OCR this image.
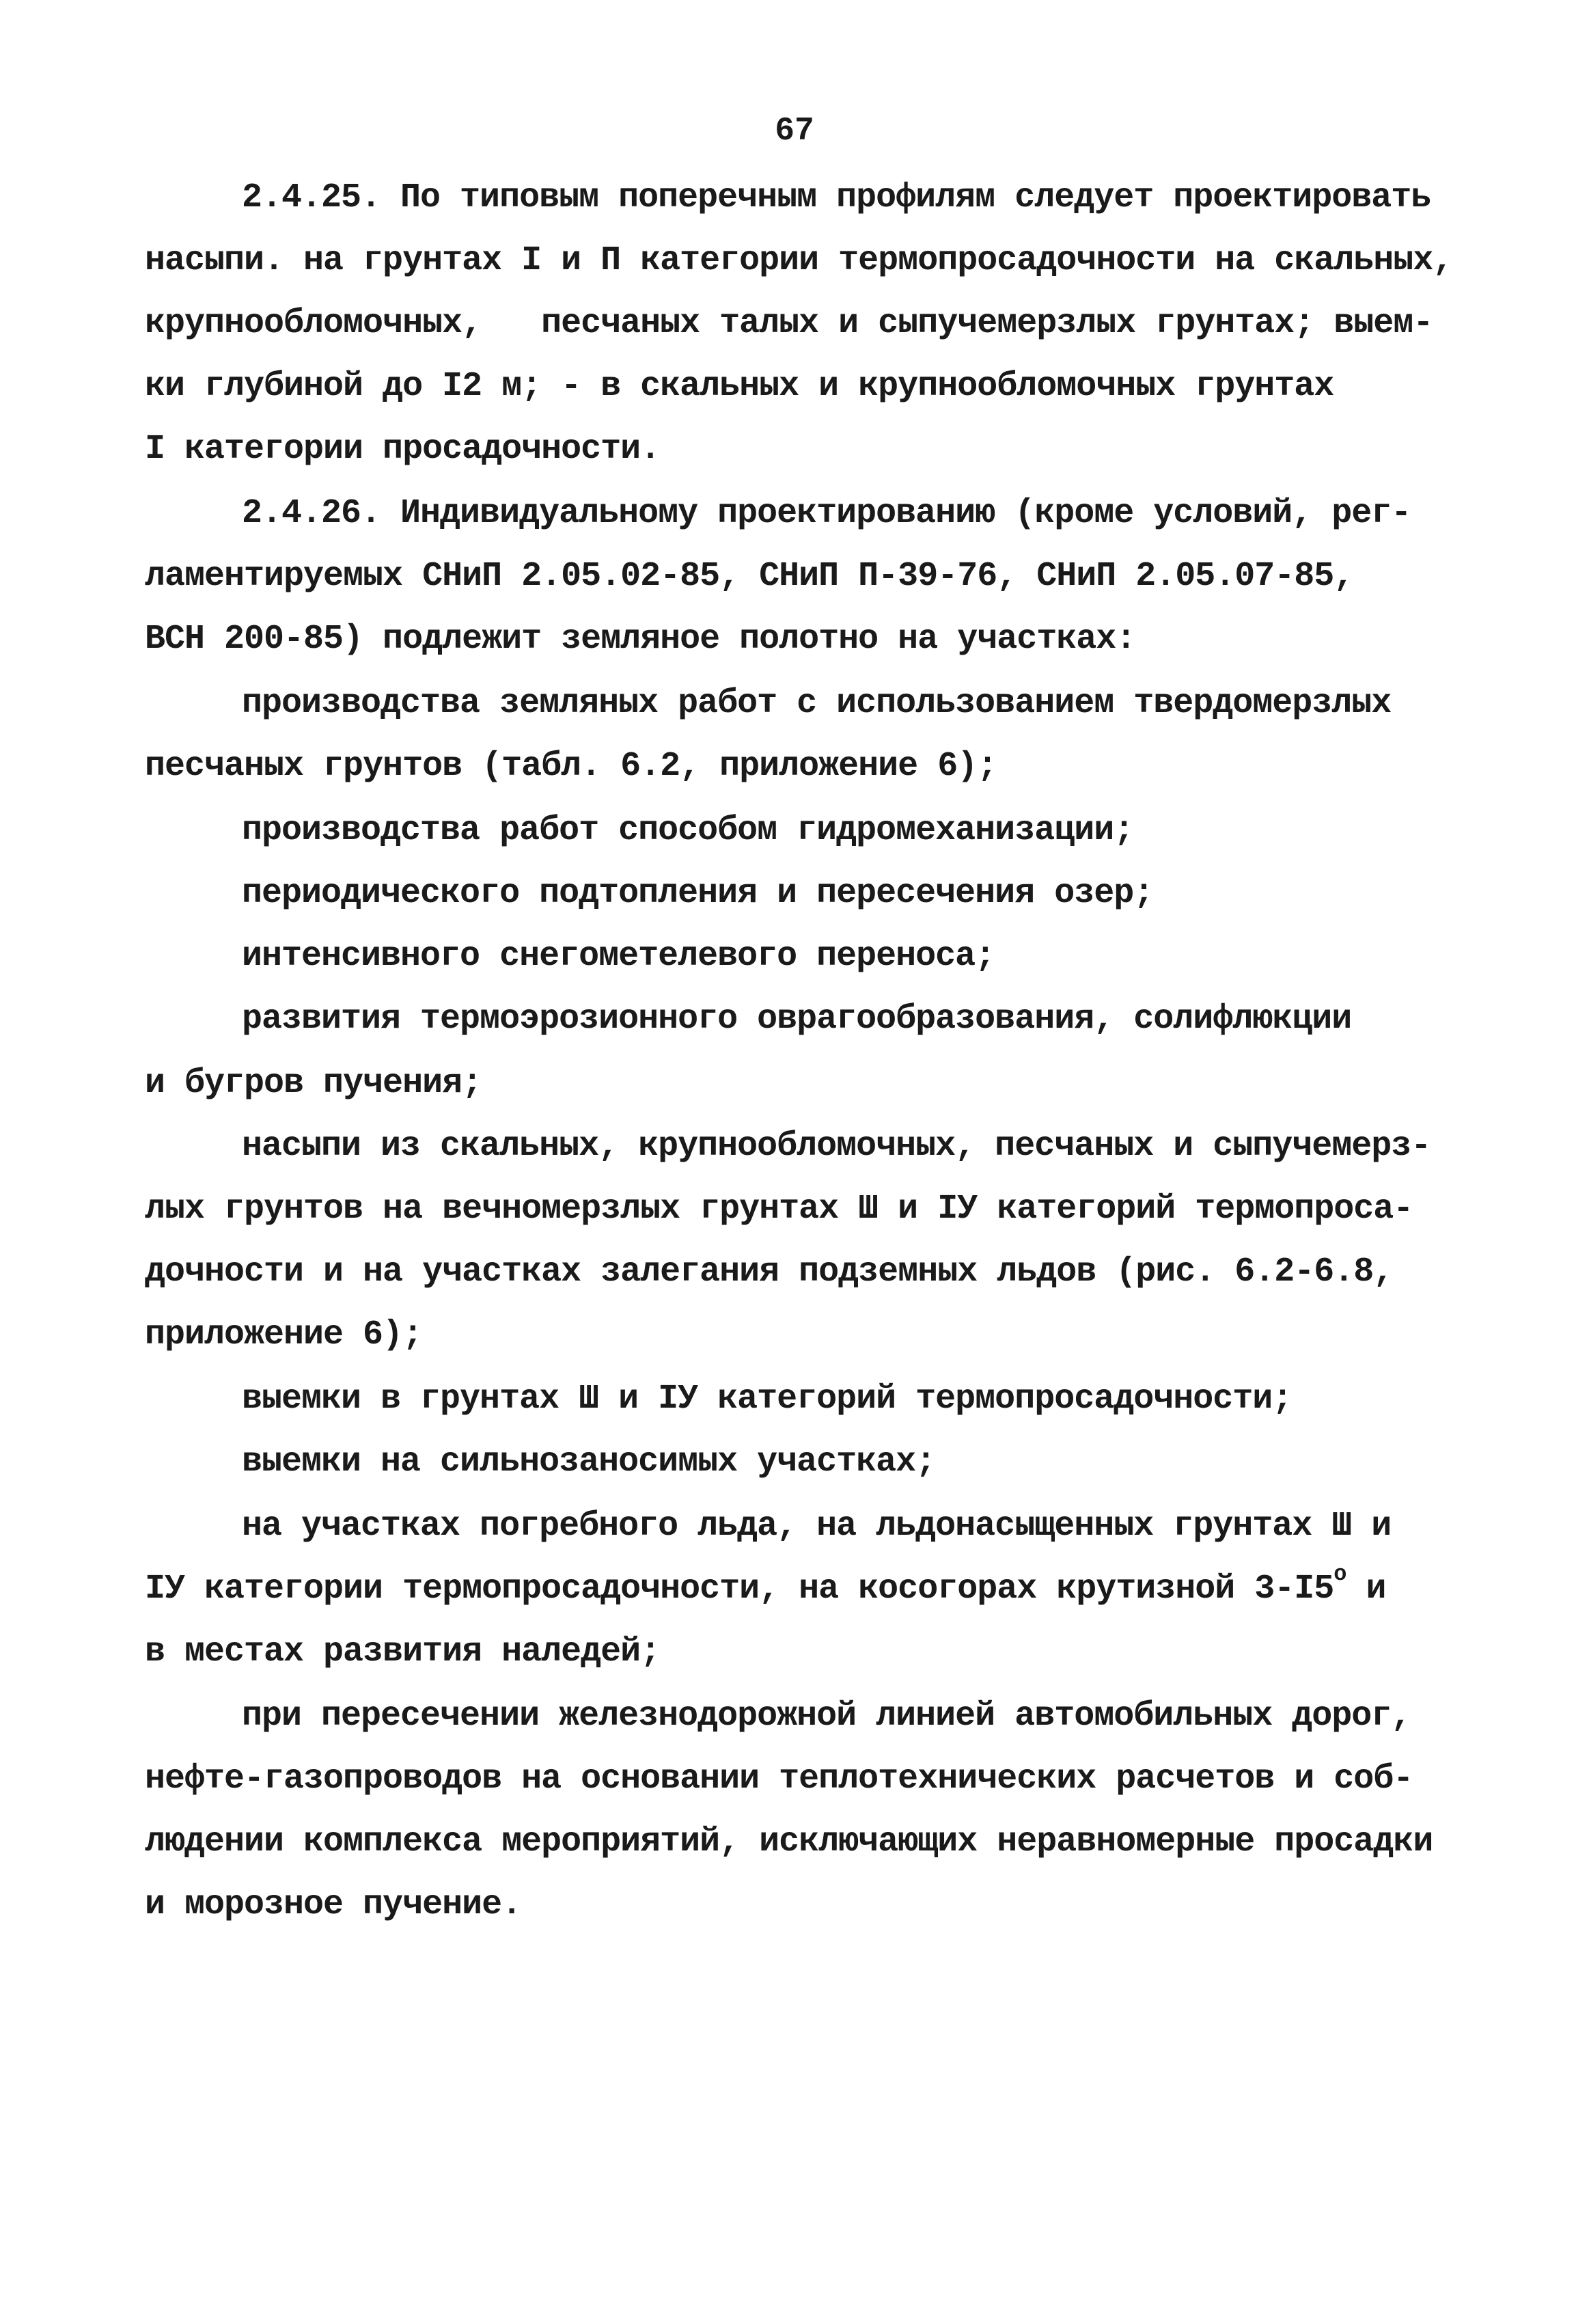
67
2.4.25. По типовым поперечным профилям следует проектировать
насыпи. на грунтах I и П категории термопросадочности на скальных,
крупнообломочных,   песчаных талых и сыпучемерзлых грунтах; выем-
ки глубиной до I2 м; - в скальных и крупнообломочных грунтах
I категории просадочности.
2.4.26. Индивидуальному проектированию (кроме условий, рег-
ламентируемых СНиП 2.05.02-85, СНиП П-39-76, СНиП 2.05.07-85,
ВСН 200-85) подлежит земляное полотно на участках:
производства земляных работ с использованием твердомерзлых
песчаных грунтов (табл. 6.2, приложение 6);
производства работ способом гидромеханизации;
периодического подтопления и пересечения озер;
интенсивного снегометелевого переноса;
развития термоэрозионного оврагообразования, солифлюкции
и бугров пучения;
насыпи из скальных, крупнообломочных, песчаных и сыпучемерз-
лых грунтов на вечномерзлых грунтах Ш и IУ категорий термопроса-
дочности и на участках залегания подземных льдов (рис. 6.2-6.8,
приложение 6);
выемки в грунтах Ш и IУ категорий термопросадочности;
выемки на сильнозаносимых участках;
на участках погребного льда, на льдонасыщенных грунтах Ш и
IУ категории термопросадочности, на косогорах крутизной $3-I5^о$ и
в местах развития наледей;
при пересечении железнодорожной линией автомобильных дорог,
нефте-газопроводов на основании теплотехнических расчетов и соб-
людении комплекса мероприятий, исключающих неравномерные просадки
и морозное пучение.
